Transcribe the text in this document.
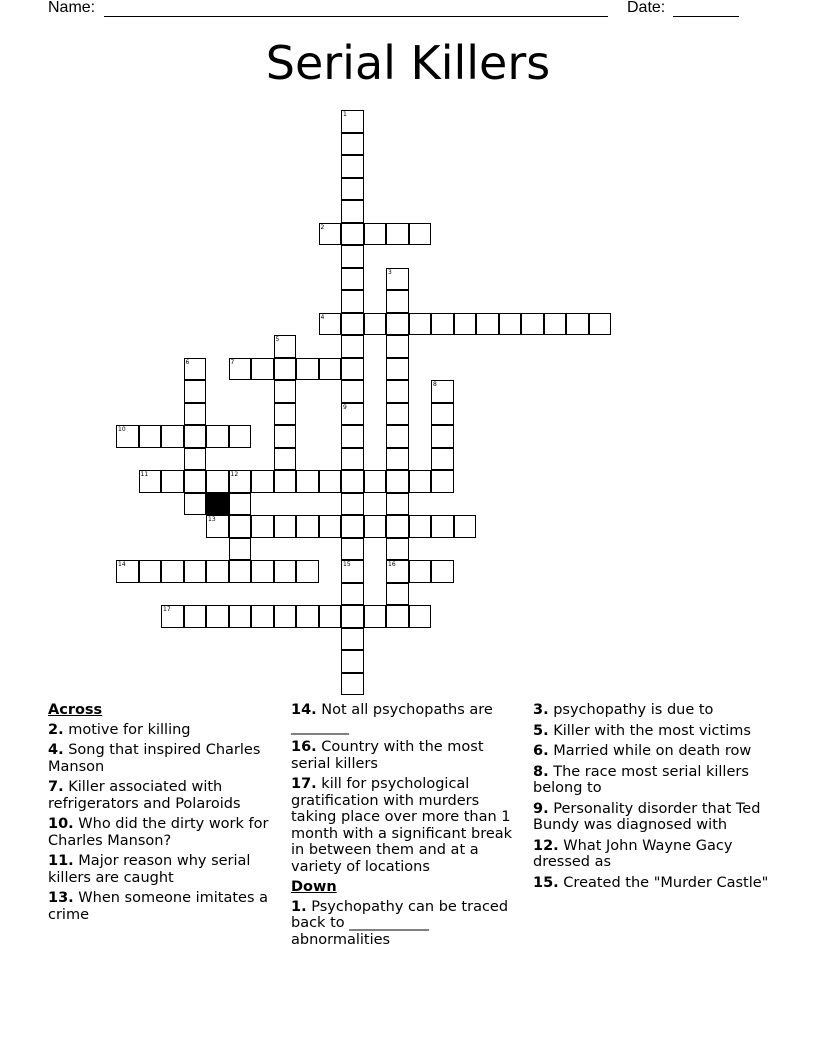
Name:	Date:
Serial Killers
1
9
15
2
3
16
4
5
6	7
8
10
11	12
13
14
17
Across
2. motive for killing
4. Song that inspired Charles Manson
7. Killer associated with refrigerators and Polaroids
10. Who did the dirty work for Charles Manson?
11. Major reason why serial killers are caught
13. When someone imitates a crime
14. Not all psychopaths are ________
16. Country with the most serial killers
17. kill for psychological gratification with murders taking place over more than 1 month with a significant break in between them and at a variety of locations
Down
1. Psychopathy can be traced back to ___________ abnormalities
3. psychopathy is due to
5. Killer with the most victims
6. Married while on death row
8. The race most serial killers belong to
9. Personality disorder that Ted Bundy was diagnosed with
12. What John Wayne Gacy dressed as
15. Created the "Murder Castle"
